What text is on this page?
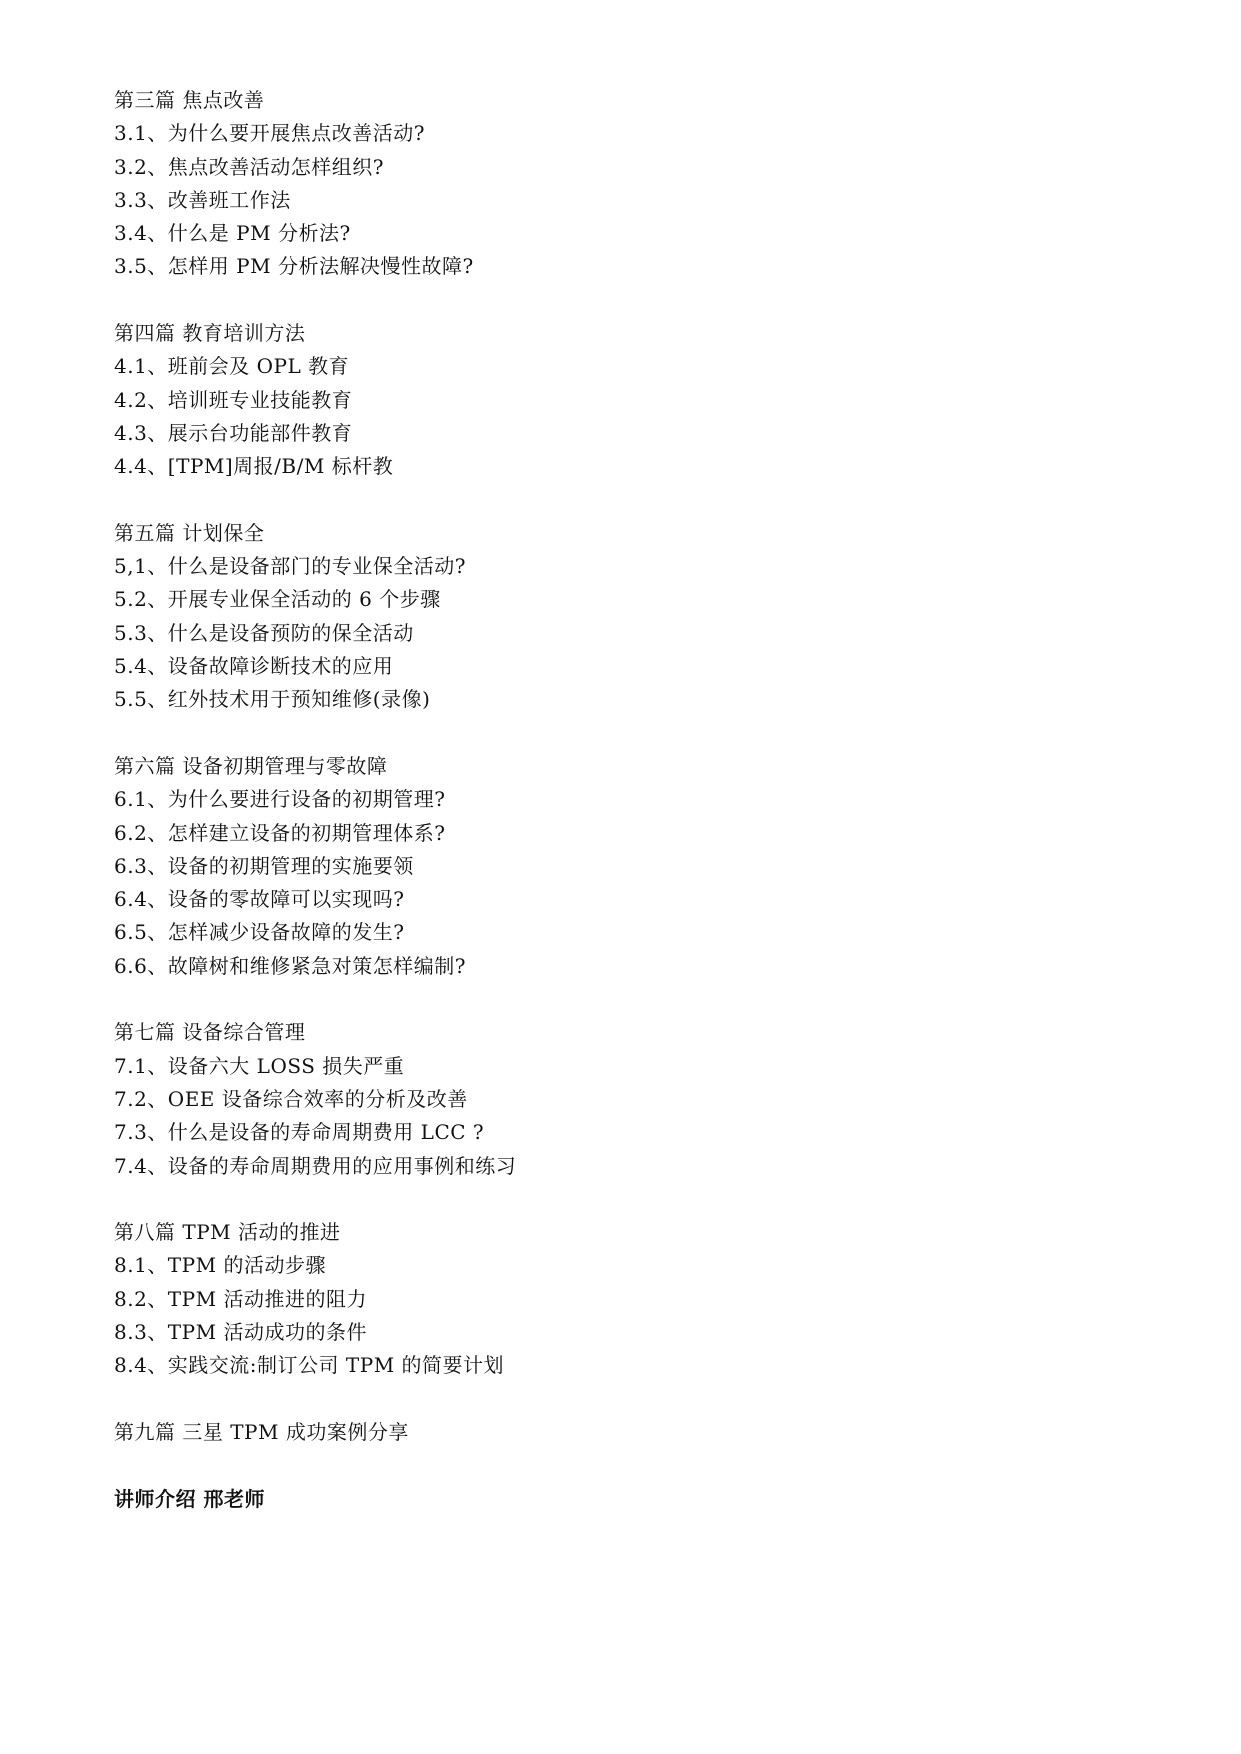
第三篇 焦点改善
3.1、为什么要开展焦点改善活动?
3.2、焦点改善活动怎样组织?
3.3、改善班工作法
3.4、什么是 PM 分析法?
3.5、怎样用 PM 分析法解决慢性故障?
第四篇 教育培训方法
4.1、班前会及 OPL 教育
4.2、培训班专业技能教育
4.3、展示台功能部件教育
4.4、[TPM]周报/B/M 标杆教
第五篇 计划保全
5,1、什么是设备部门的专业保全活动?
5.2、开展专业保全活动的 6 个步骤
5.3、什么是设备预防的保全活动
5.4、设备故障诊断技术的应用
5.5、红外技术用于预知维修(录像)
第六篇 设备初期管理与零故障
6.1、为什么要进行设备的初期管理?
6.2、怎样建立设备的初期管理体系?
6.3、设备的初期管理的实施要领
6.4、设备的零故障可以实现吗?
6.5、怎样减少设备故障的发生?
6.6、故障树和维修紧急对策怎样编制?
第七篇 设备综合管理
7.1、设备六大 LOSS 损失严重
7.2、OEE 设备综合效率的分析及改善
7.3、什么是设备的寿命周期费用 LCC ?
7.4、设备的寿命周期费用的应用事例和练习
第八篇 TPM 活动的推进
8.1、TPM 的活动步骤
8.2、TPM 活动推进的阻力
8.3、TPM 活动成功的条件
8.4、实践交流:制订公司 TPM 的简要计划
第九篇 三星 TPM 成功案例分享
讲师介绍 邢老师
